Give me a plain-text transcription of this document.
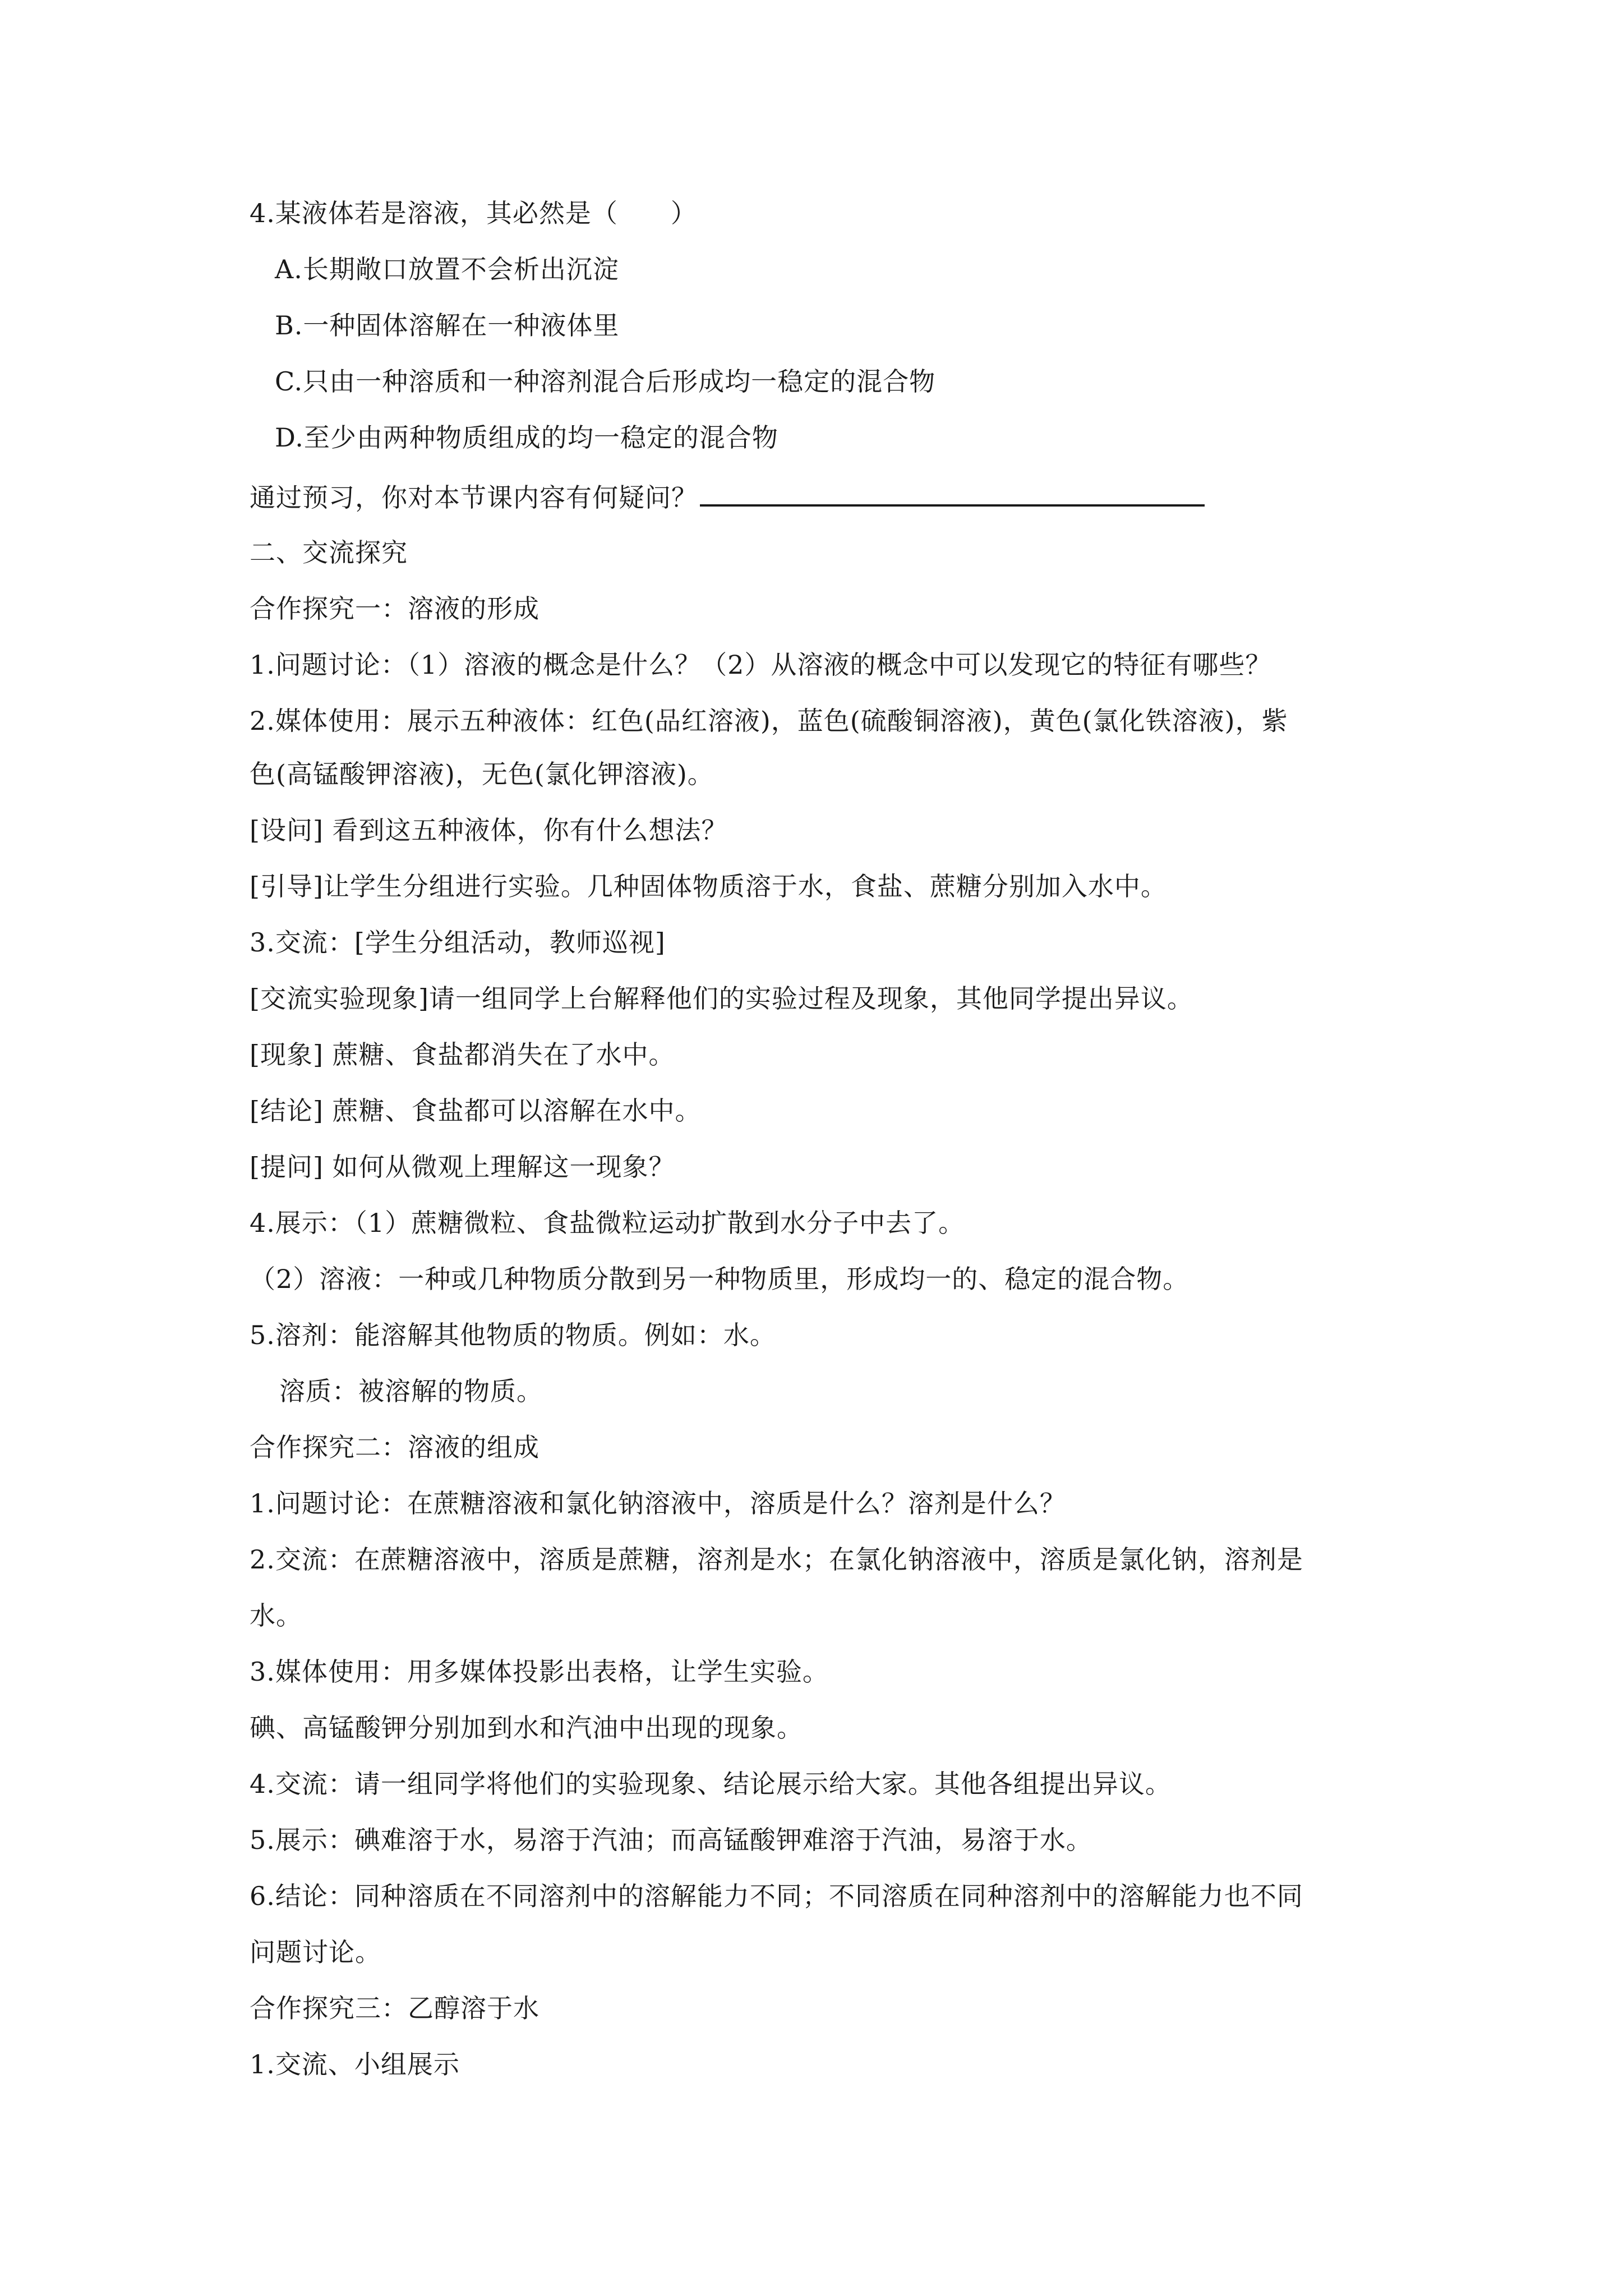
4.某液体若是溶液，其必然是（　　）
A.长期敞口放置不会析出沉淀
B.一种固体溶解在一种液体里
C.只由一种溶质和一种溶剂混合后形成均一稳定的混合物
D.至少由两种物质组成的均一稳定的混合物
通过预习，你对本节课内容有何疑问？
二、交流探究
合作探究一：溶液的形成
1.问题讨论：（1）溶液的概念是什么？（2）从溶液的概念中可以发现它的特征有哪些？
2.媒体使用：展示五种液体：红色(品红溶液)，蓝色(硫酸铜溶液)，黄色(氯化铁溶液)，紫
色(高锰酸钾溶液)，无色(氯化钾溶液)。
[设问] 看到这五种液体，你有什么想法？
[引导]让学生分组进行实验。几种固体物质溶于水，食盐、蔗糖分别加入水中。
3.交流：[学生分组活动，教师巡视]
[交流实验现象]请一组同学上台解释他们的实验过程及现象，其他同学提出异议。
[现象] 蔗糖、食盐都消失在了水中。
[结论] 蔗糖、食盐都可以溶解在水中。
[提问] 如何从微观上理解这一现象？
4.展示：（1）蔗糖微粒、食盐微粒运动扩散到水分子中去了。
（2）溶液：一种或几种物质分散到另一种物质里，形成均一的、稳定的混合物。
5.溶剂：能溶解其他物质的物质。例如：水。
溶质：被溶解的物质。
合作探究二：溶液的组成
1.问题讨论：在蔗糖溶液和氯化钠溶液中，溶质是什么？溶剂是什么？
2.交流：在蔗糖溶液中，溶质是蔗糖，溶剂是水；在氯化钠溶液中，溶质是氯化钠，溶剂是
水。
3.媒体使用：用多媒体投影出表格，让学生实验。
碘、高锰酸钾分别加到水和汽油中出现的现象。
4.交流：请一组同学将他们的实验现象、结论展示给大家。其他各组提出异议。
5.展示：碘难溶于水，易溶于汽油；而高锰酸钾难溶于汽油，易溶于水。
6.结论：同种溶质在不同溶剂中的溶解能力不同；不同溶质在同种溶剂中的溶解能力也不同
问题讨论。
合作探究三：乙醇溶于水
1.交流、小组展示
